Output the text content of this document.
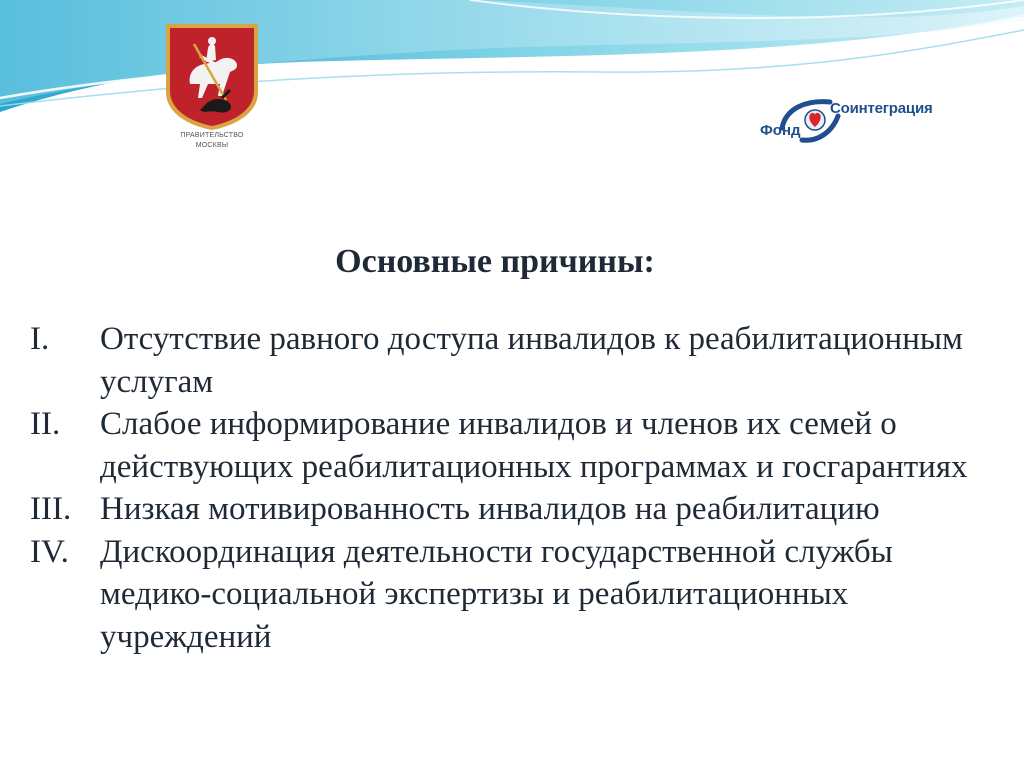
ПРАВИТЕЛЬСТВО
МОСКВЫ
Соинтеграция
Фонд
Основные причины:
I.	Отсутствие равного доступа инвалидов к реабилитационным услугам
II.	Слабое информирование инвалидов и членов их семей о действующих реабилитационных программах и госгарантиях
III. Низкая мотивированность инвалидов на реабилитацию
IV. Дискоординация деятельности государственной службы медико-социальной экспертизы и реабилитационных учреждений
